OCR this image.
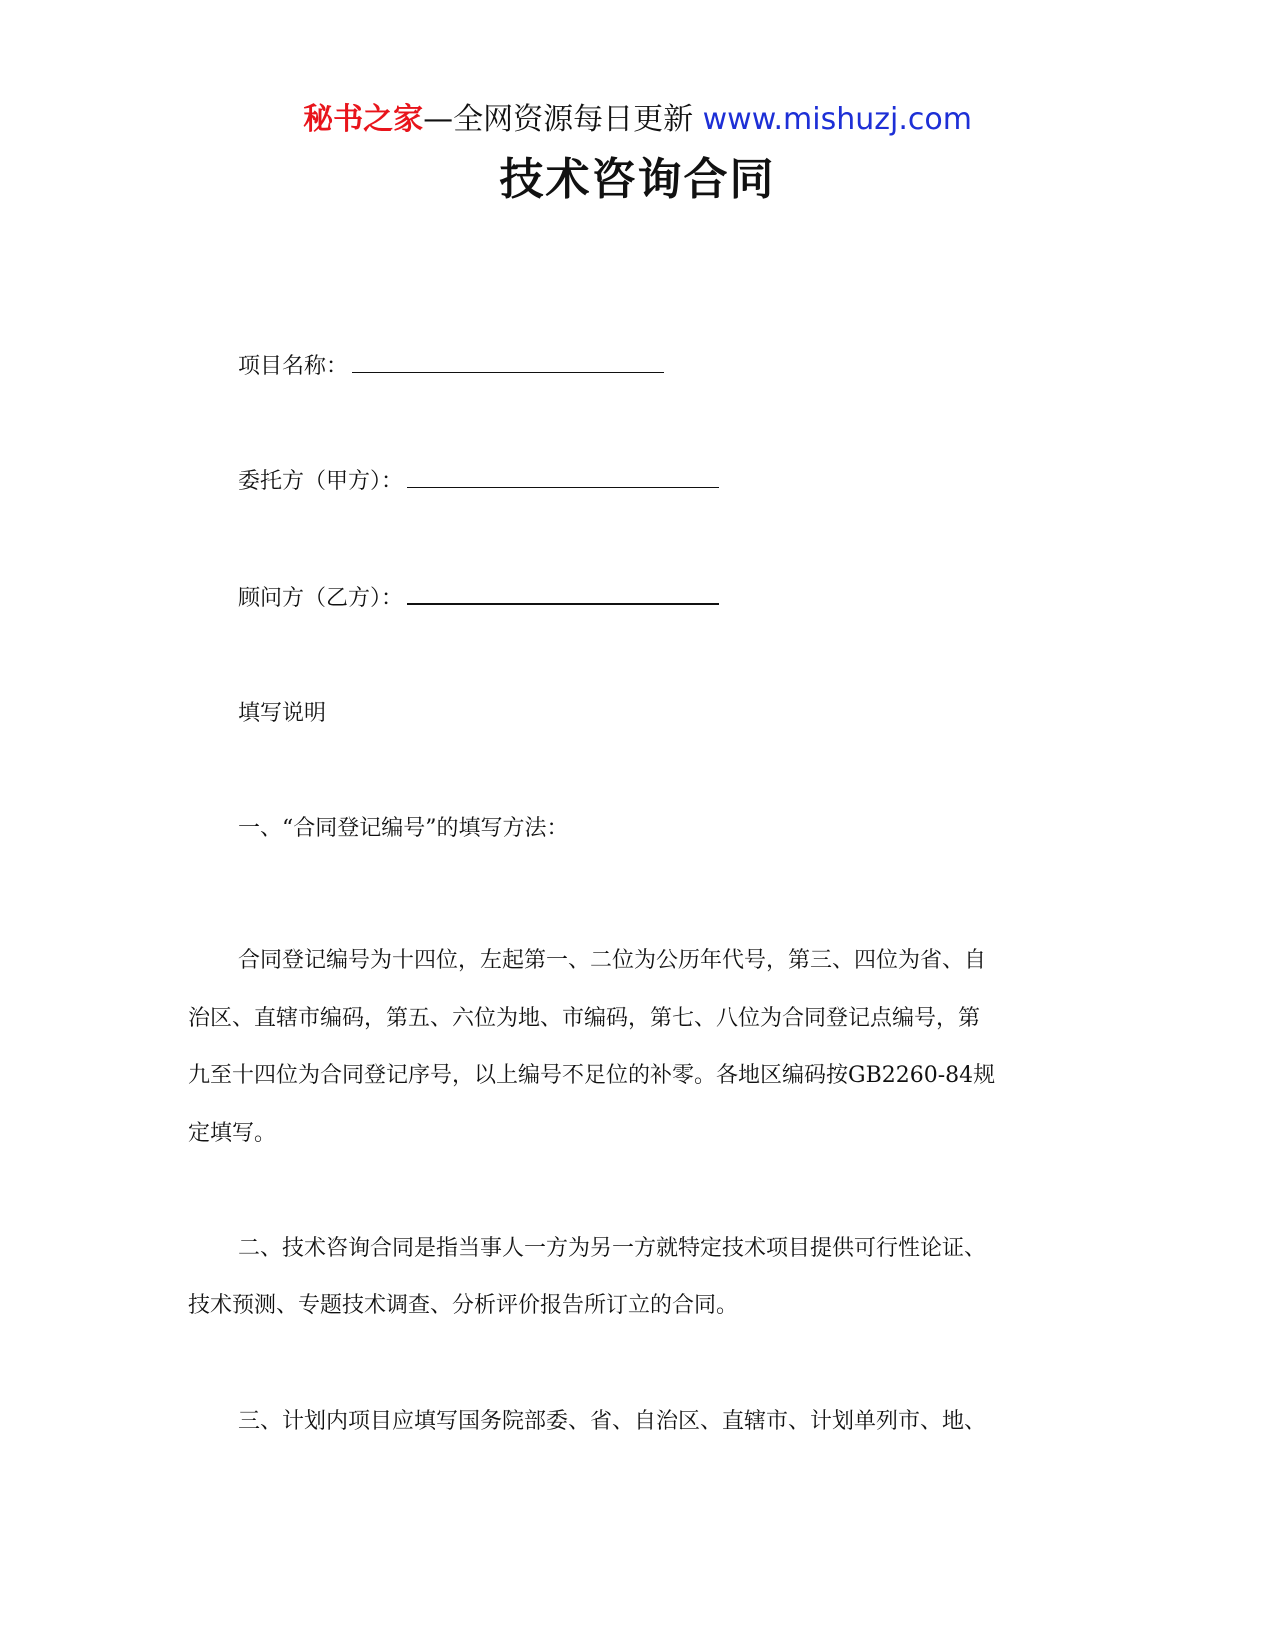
秘书之家—全网资源每日更新 www.mishuzj.com
技术咨询合同
项目名称：
委托方（甲方）：
顾问方（乙方）：
填写说明
一、“合同登记编号”的填写方法：
合同登记编号为十四位，左起第一、二位为公历年代号，第三、四位为省、自
治区、直辖市编码，第五、六位为地、市编码，第七、八位为合同登记点编号，第
九至十四位为合同登记序号，以上编号不足位的补零。各地区编码按GB2260-84规
定填写。
二、技术咨询合同是指当事人一方为另一方就特定技术项目提供可行性论证、
技术预测、专题技术调查、分析评价报告所订立的合同。
三、计划内项目应填写国务院部委、省、自治区、直辖市、计划单列市、地、
